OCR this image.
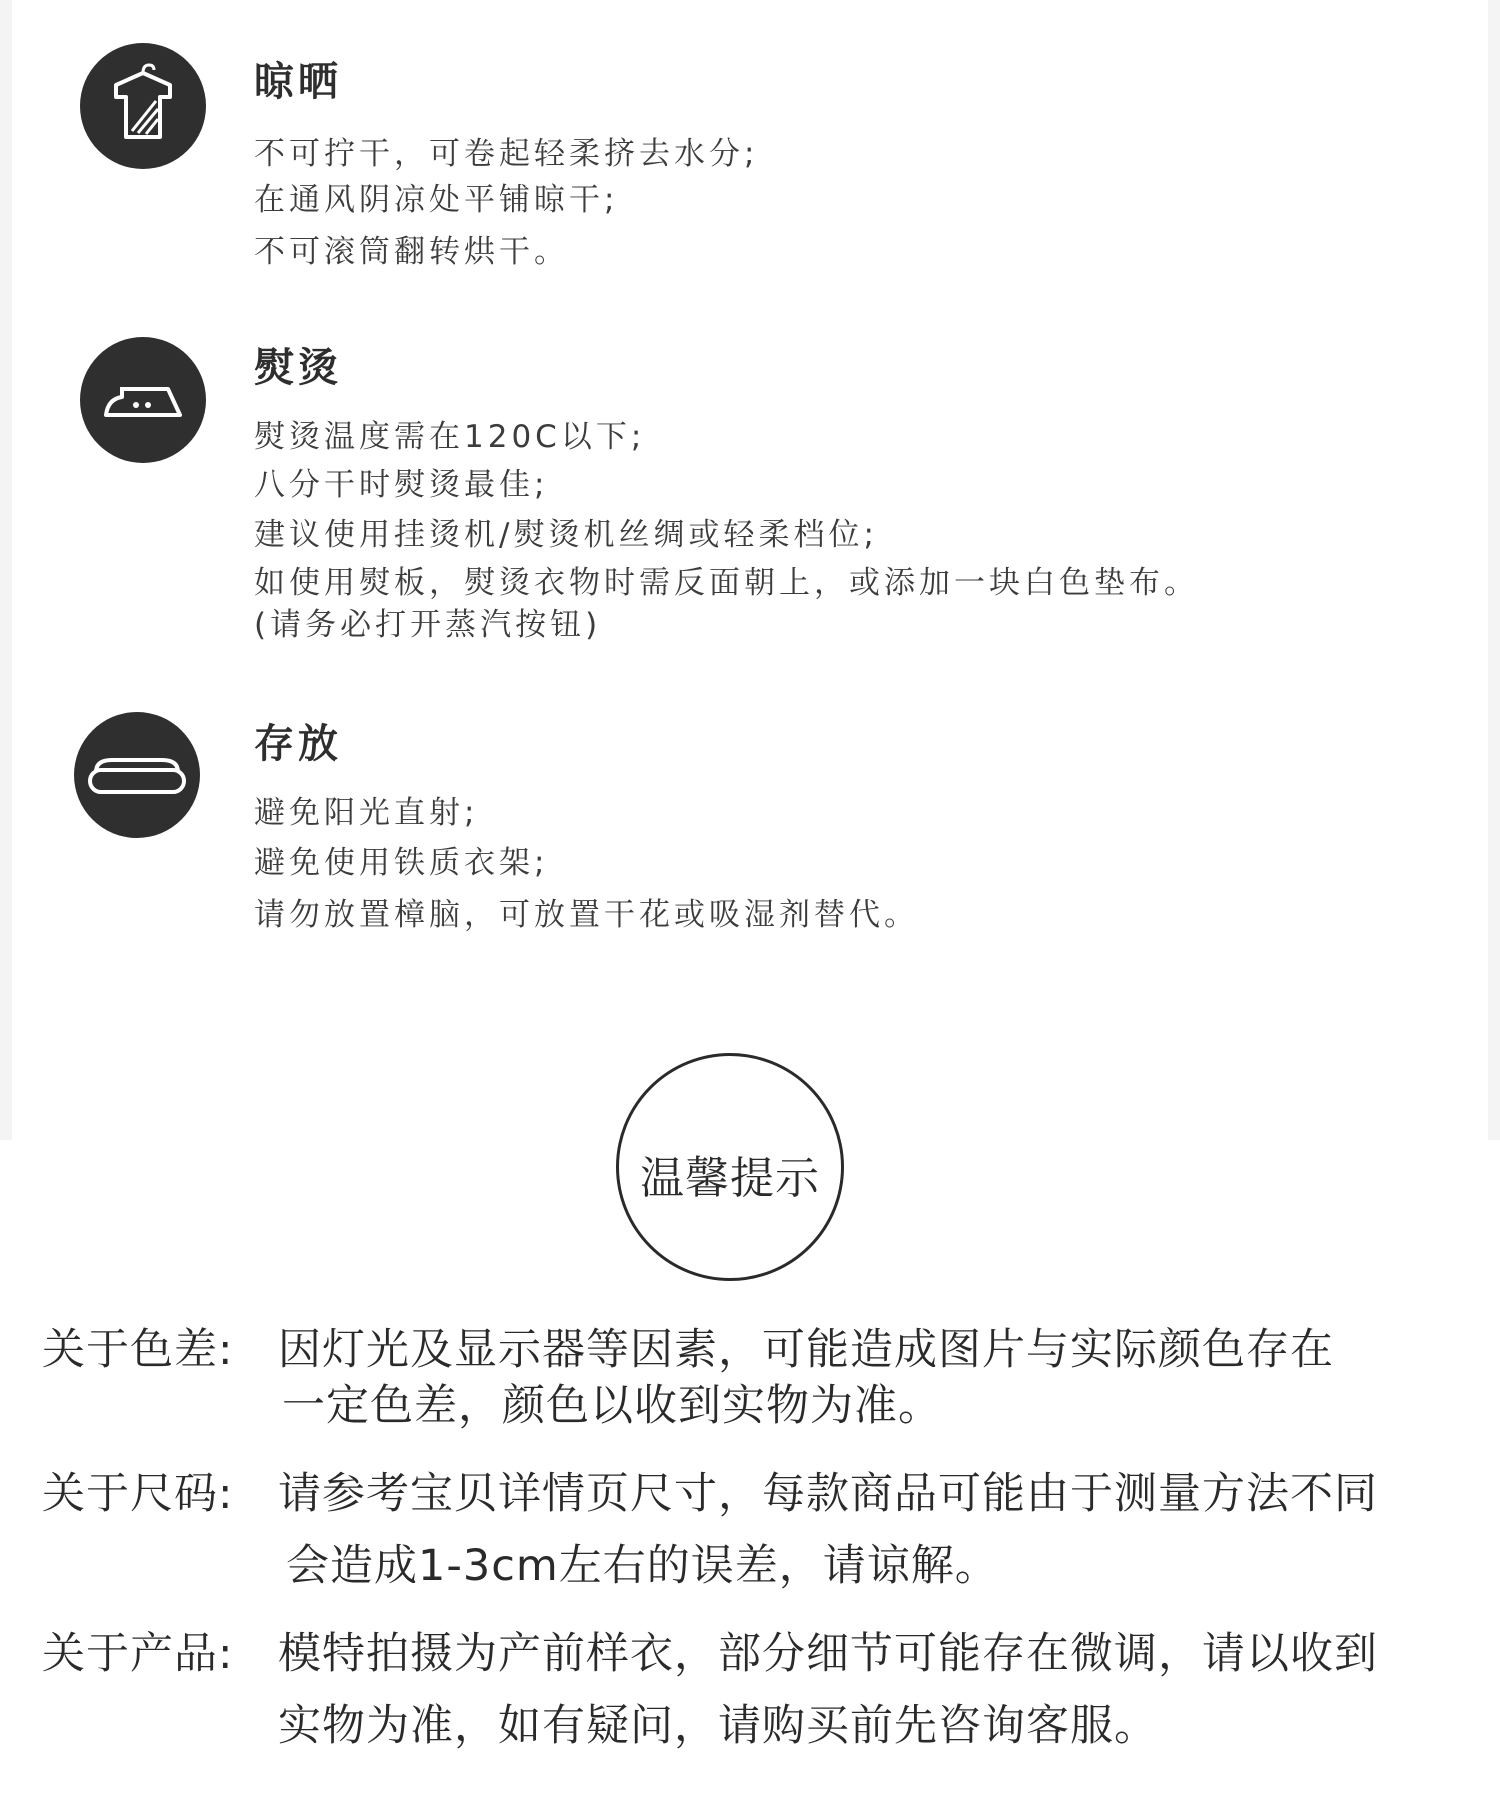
晾晒
不可拧干，可卷起轻柔挤去水分;
在通风阴凉处平铺晾干;
不可滚筒翻转烘干。
熨烫
熨烫温度需在120C以下;
八分干时熨烫最佳;
建议使用挂烫机/熨烫机丝绸或轻柔档位;
如使用熨板，熨烫衣物时需反面朝上，或添加一块白色垫布。
(请务必打开蒸汽按钮)
存放
避免阳光直射;
避免使用铁质衣架;
请勿放置樟脑，可放置干花或吸湿剂替代。
温馨提示
关于色差: 因灯光及显示器等因素，可能造成图片与实际颜色存在
一定色差，颜色以收到实物为准。
关于尺码: 请参考宝贝详情页尺寸，每款商品可能由于测量方法不同
会造成1-3cm左右的误差，请谅解。
关于产品: 模特拍摄为产前样衣，部分细节可能存在微调，请以收到
实物为准，如有疑问，请购买前先咨询客服。
